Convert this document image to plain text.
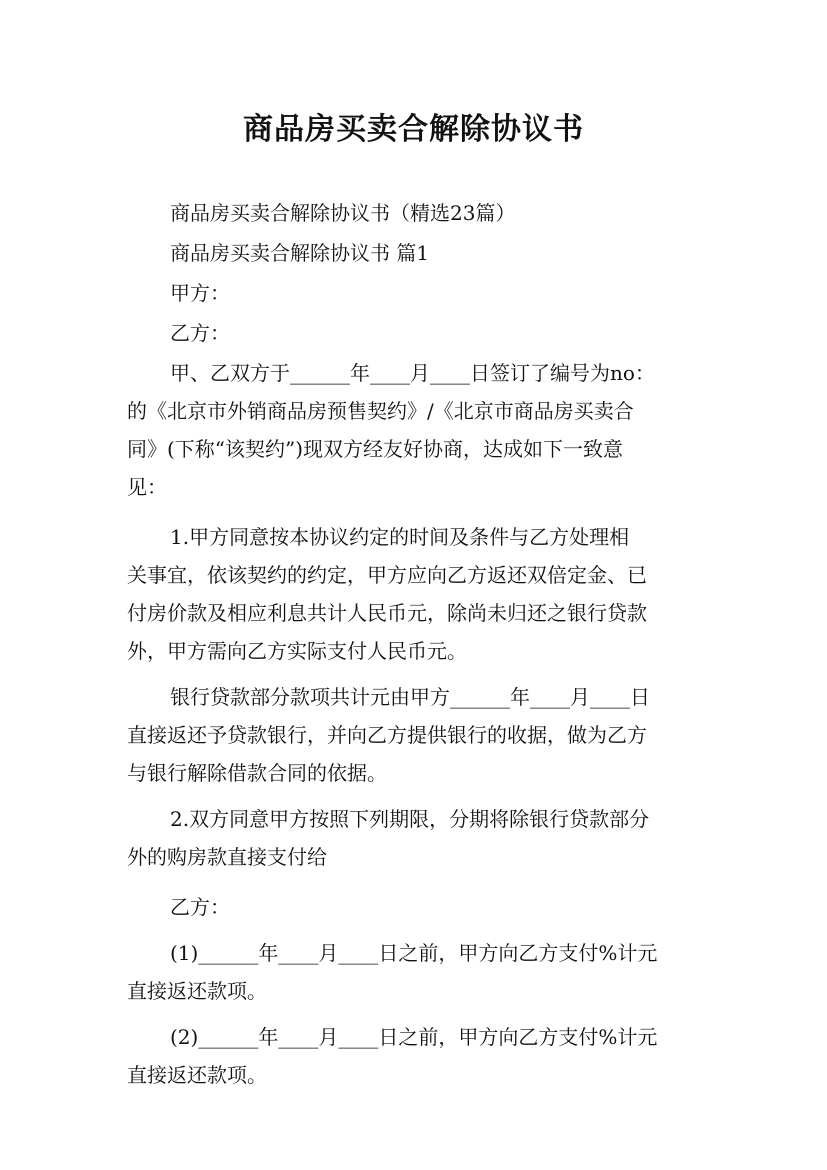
商品房买卖合解除协议书
商品房买卖合解除协议书（精选23篇）
商品房买卖合解除协议书 篇1
甲方：
乙方：
甲、乙双方于______年____月____日签订了编号为no：
的《北京市外销商品房预售契约》/《北京市商品房买卖合
同》(下称“该契约”)现双方经友好协商，达成如下一致意
见：
1.甲方同意按本协议约定的时间及条件与乙方处理相
关事宜，依该契约的约定，甲方应向乙方返还双倍定金、已
付房价款及相应利息共计人民币元，除尚未归还之银行贷款
外，甲方需向乙方实际支付人民币元。
银行贷款部分款项共计元由甲方______年____月____日
直接返还予贷款银行，并向乙方提供银行的收据，做为乙方
与银行解除借款合同的依据。
2.双方同意甲方按照下列期限，分期将除银行贷款部分
外的购房款直接支付给
乙方：
(1)______年____月____日之前，甲方向乙方支付%计元
直接返还款项。
(2)______年____月____日之前，甲方向乙方支付%计元
直接返还款项。
